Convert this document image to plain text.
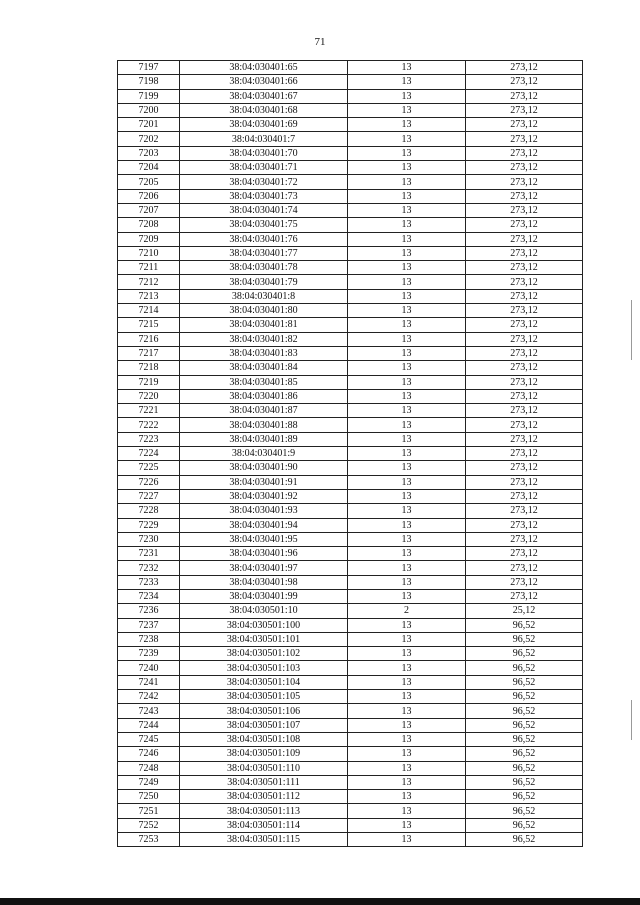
71
7197	38:04:030401:65	13	273,12
7198	38:04:030401:66	13	273,12
7199	38:04:030401:67	13	273,12
7200	38:04:030401:68	13	273,12
7201	38:04:030401:69	13	273,12
7202	38:04:030401:7	13	273,12
7203	38:04:030401:70	13	273,12
7204	38:04:030401:71	13	273,12
7205	38:04:030401:72	13	273,12
7206	38:04:030401:73	13	273,12
7207	38:04:030401:74	13	273,12
7208	38:04:030401:75	13	273,12
7209	38:04:030401:76	13	273,12
7210	38:04:030401:77	13	273,12
7211	38:04:030401:78	13	273,12
7212	38:04:030401:79	13	273,12
7213	38:04:030401:8	13	273,12
7214	38:04:030401:80	13	273,12
7215	38:04:030401:81	13	273,12
7216	38:04:030401:82	13	273,12
7217	38:04:030401:83	13	273,12
7218	38:04:030401:84	13	273,12
7219	38:04:030401:85	13	273,12
7220	38:04:030401:86	13	273,12
7221	38:04:030401:87	13	273,12
7222	38:04:030401:88	13	273,12
7223	38:04:030401:89	13	273,12
7224	38:04:030401:9	13	273,12
7225	38:04:030401:90	13	273,12
7226	38:04:030401:91	13	273,12
7227	38:04:030401:92	13	273,12
7228	38:04:030401:93	13	273,12
7229	38:04:030401:94	13	273,12
7230	38:04:030401:95	13	273,12
7231	38:04:030401:96	13	273,12
7232	38:04:030401:97	13	273,12
7233	38:04:030401:98	13	273,12
7234	38:04:030401:99	13	273,12
7236	38:04:030501:10	2	25,12
7237	38:04:030501:100	13	96,52
7238	38:04:030501:101	13	96,52
7239	38:04:030501:102	13	96,52
7240	38:04:030501:103	13	96,52
7241	38:04:030501:104	13	96,52
7242	38:04:030501:105	13	96,52
7243	38:04:030501:106	13	96,52
7244	38:04:030501:107	13	96,52
7245	38:04:030501:108	13	96,52
7246	38:04:030501:109	13	96,52
7248	38:04:030501:110	13	96,52
7249	38:04:030501:111	13	96,52
7250	38:04:030501:112	13	96,52
7251	38:04:030501:113	13	96,52
7252	38:04:030501:114	13	96,52
7253	38:04:030501:115	13	96,52
